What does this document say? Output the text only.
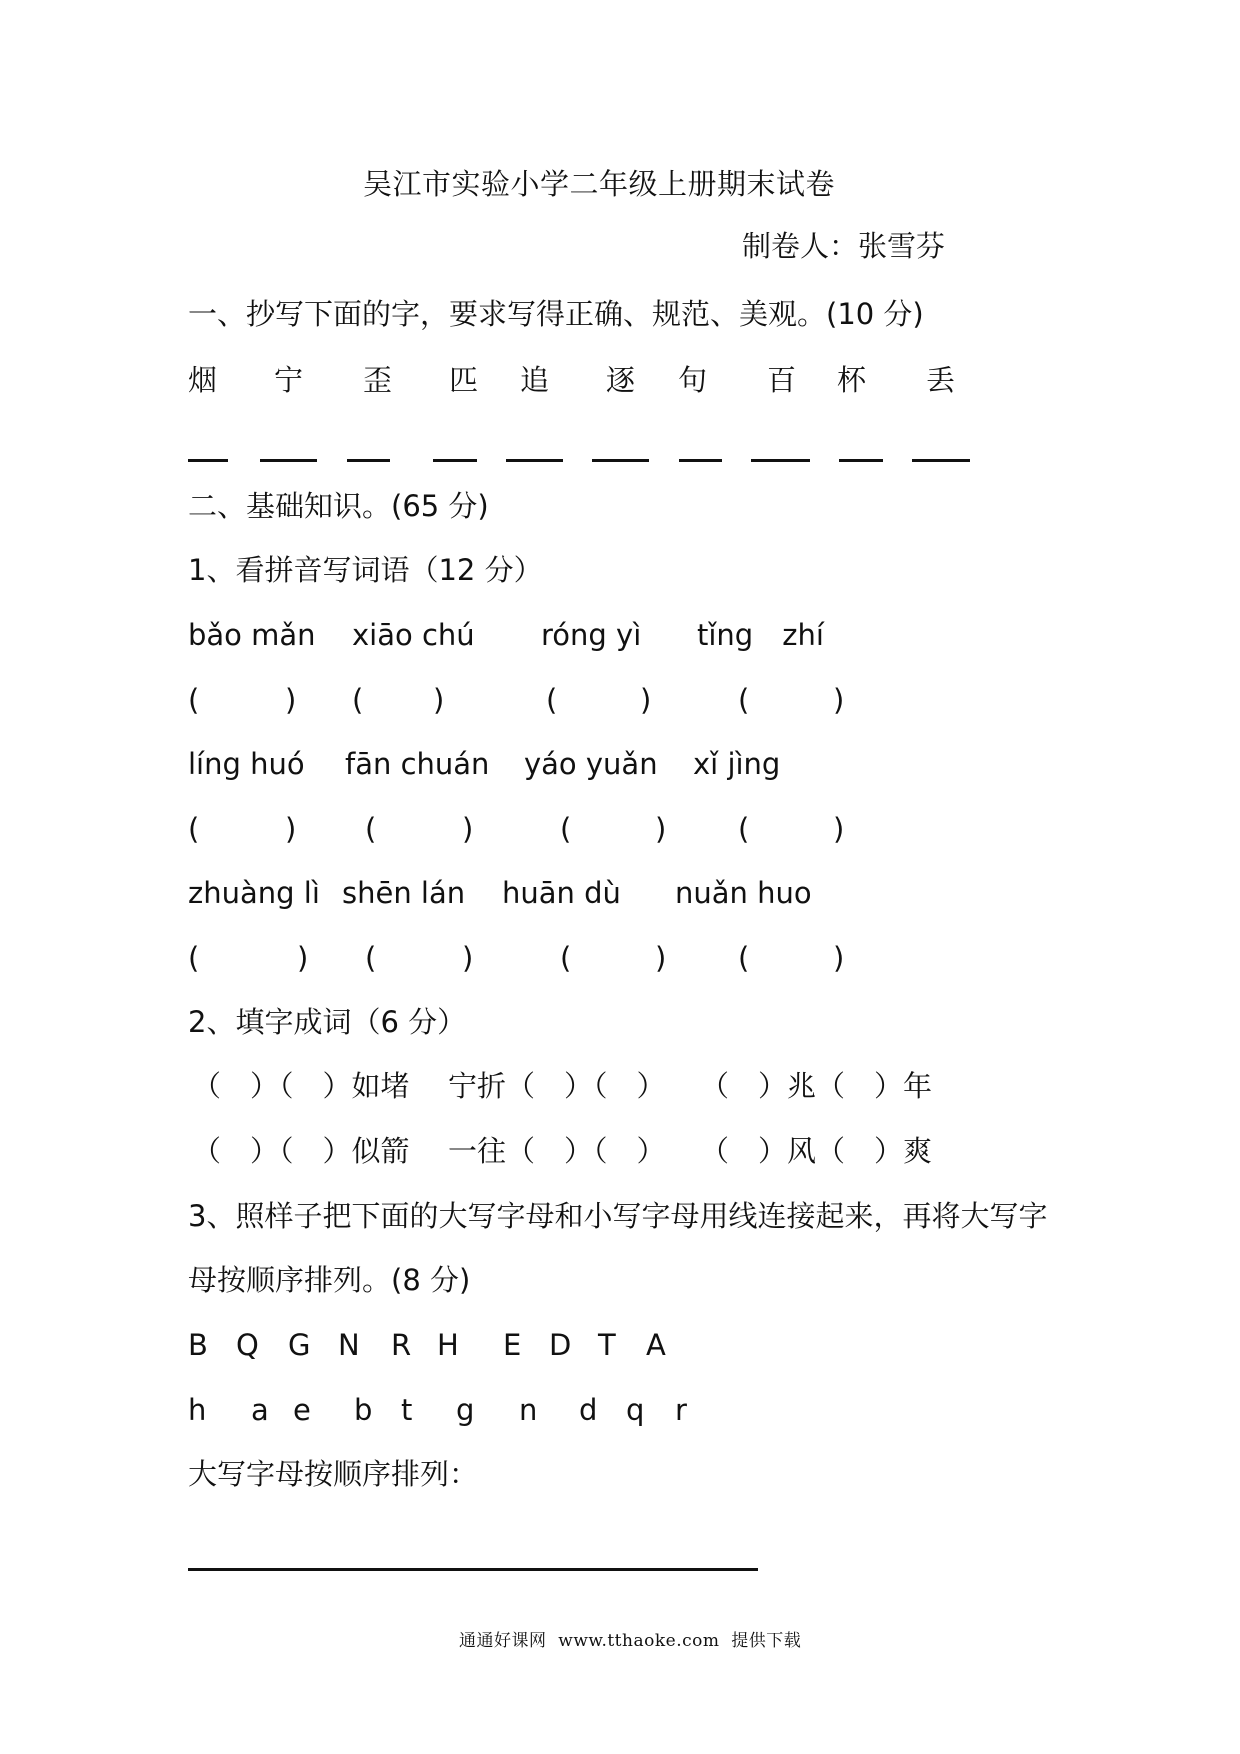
吴江市实验小学二年级上册期末试卷
制卷人：张雪芬
一、抄写下面的字，要求写得正确、规范、美观。(10 分)
烟 宁 歪 匹 追 逐 句 百 杯 丢
二、基础知识。(65 分)
1、看拼音写词语（12 分）
bǎo mǎn xiāo chú róng yì tǐng　zhí
(	) ( )	(	)	(	)
líng huó fān chuán yáo yuǎn xǐ jìng
(	) (	)	(	) (	)
zhuàng lì shēn lán huān dù nuǎn huo
(	) (	)	(	) (	)
2、填字成词（6 分）
（　）（　）如堵 宁折（　）（　） （　）兆（　）年
（　）（　）似箭 一往（　）（　） （　）风（　）爽
3、照样子把下面的大写字母和小写字母用线连接起来，再将大写字
母按顺序排列。(8 分)
B Q G N R H E D T A
h a e b t g n d q r
大写字母按顺序排列：
通通好课网  www.tthaoke.com  提供下载
